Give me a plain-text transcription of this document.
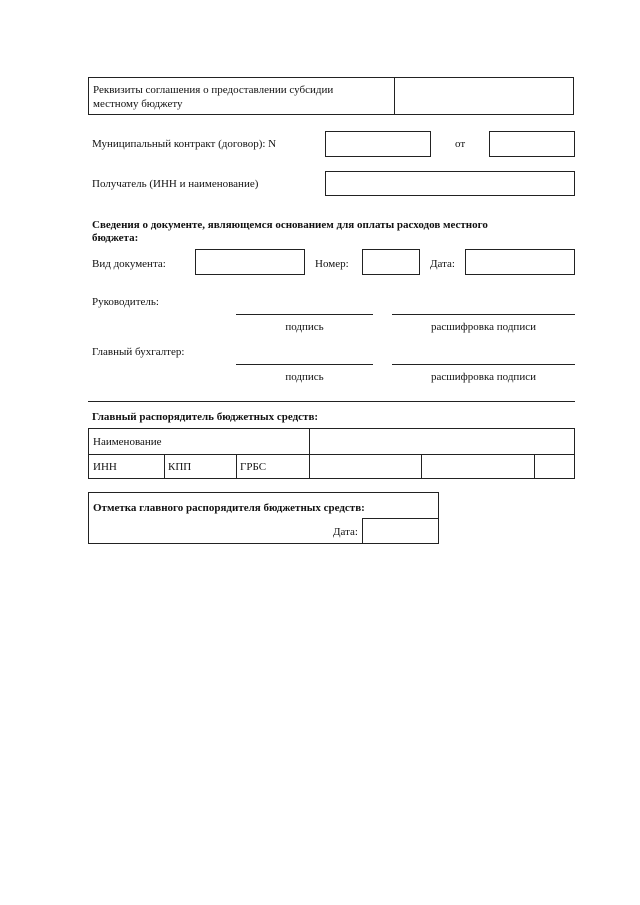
Реквизиты соглашения о предоставлении субсидии
местному бюджету
Муниципальный контракт (договор): N	от
Получатель (ИНН и наименование)
Сведения о документе, являющемся основанием для оплаты расходов местного
бюджета:
Вид документа:	Номер:	Дата:
Руководитель:
подпись	расшифровка подписи
Главный бухгалтер:
подпись	расшифровка подписи
Главный распорядитель бюджетных средств:
Наименование
ИНН	КПП	ГРБС
Отметка главного распорядителя бюджетных средств:
Дата:
